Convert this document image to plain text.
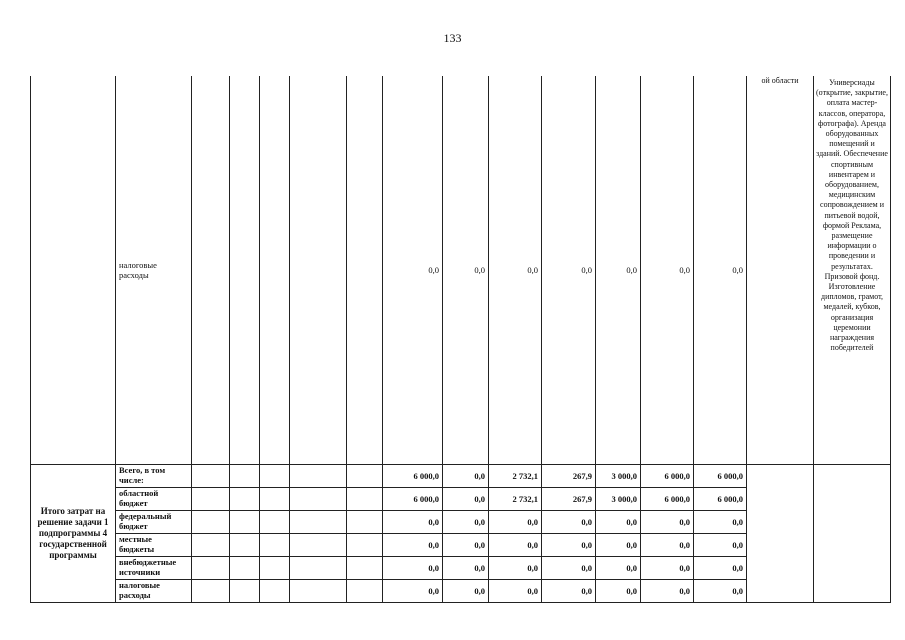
133
	налоговые расходы						0,0	0,0	0,0	0,0	0,0	0,0	0,0	ой области	Универсиады (открытие, закрытие, оплата мастер-классов, оператора, фотографа). Аренда оборудованных помещений и зданий. Обеспечение спортивным инвентарем и оборудованием, медицинским сопровождением и питьевой водой, формой Реклама, размещение информации о проведении и результатах. Призовой фонд. Изготовление дипломов, грамот, медалей, кубков, организация церемонии награждения победителей
Итого затрат на решение задачи 1 подпрограммы 4 государственной программы	Всего, в том числе:						6 000,0	0,0	2 732,1	267,9	3 000,0	6 000,0	6 000,0		
	областной бюджет						6 000,0	0,0	2 732,1	267,9	3 000,0	6 000,0	6 000,0		
	федеральный бюджет						0,0	0,0	0,0	0,0	0,0	0,0	0,0		
	местные бюджеты						0,0	0,0	0,0	0,0	0,0	0,0	0,0		
	внебюджетные источники						0,0	0,0	0,0	0,0	0,0	0,0	0,0		
	налоговые расходы						0,0	0,0	0,0	0,0	0,0	0,0	0,0		
